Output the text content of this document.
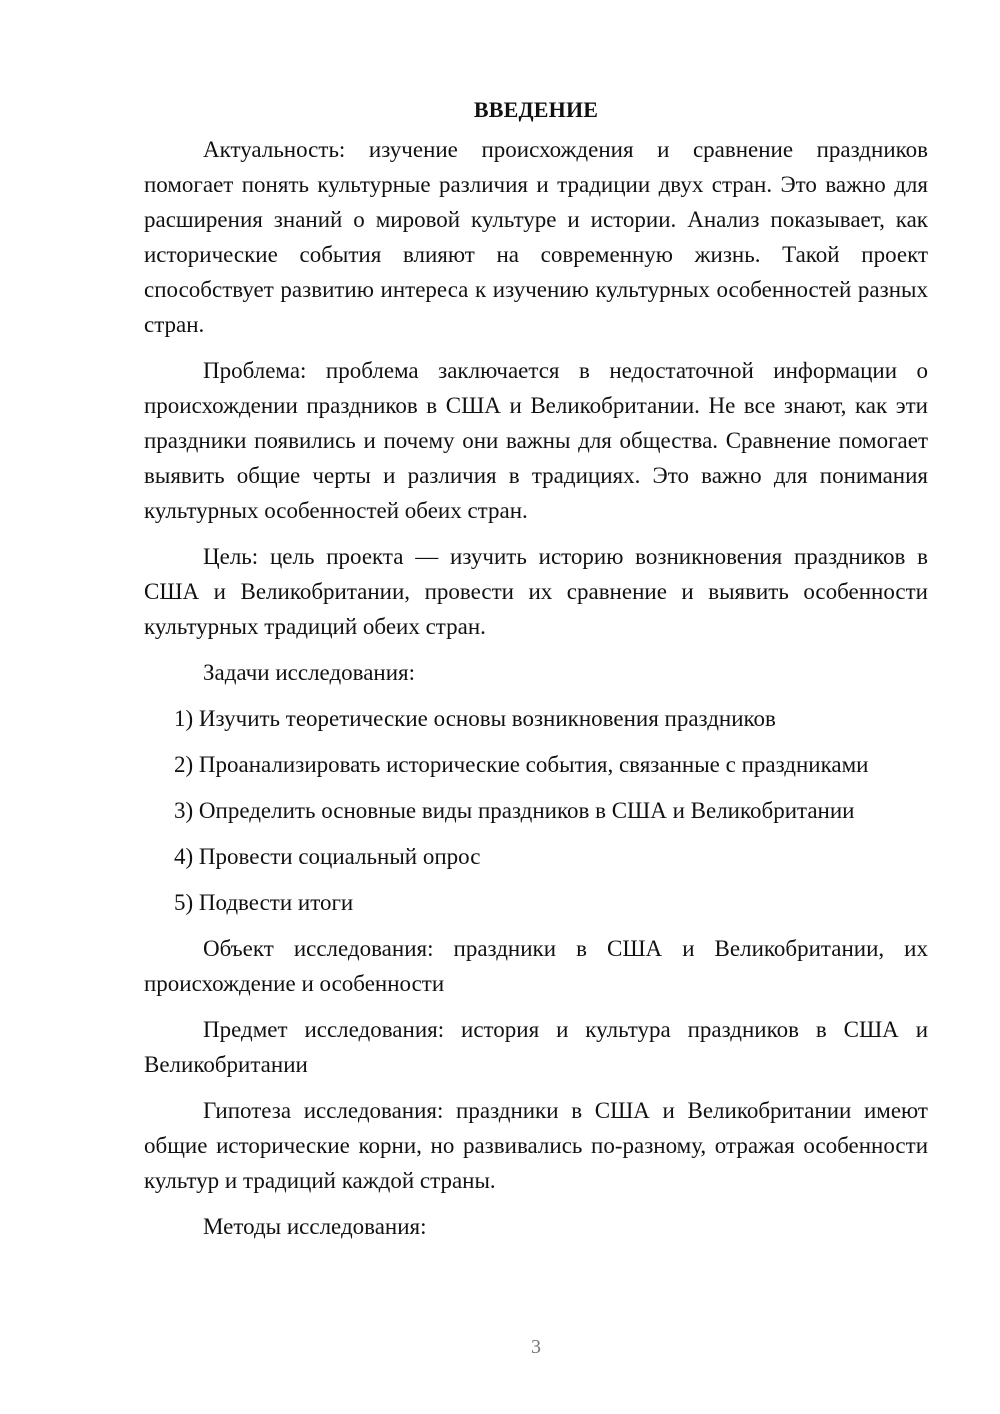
ВВЕДЕНИЕ

Актуальность: изучение происхождения и сравнение праздников помогает понять культурные различия и традиции двух стран. Это важно для расширения знаний о мировой культуре и истории. Анализ показывает, как исторические события влияют на современную жизнь. Такой проект способствует развитию интереса к изучению культурных особенностей разных стран.

Проблема: проблема заключается в недостаточной информации о происхождении праздников в США и Великобритании. Не все знают, как эти праздники появились и почему они важны для общества. Сравнение помогает выявить общие черты и различия в традициях. Это важно для понимания культурных особенностей обеих стран.

Цель: цель проекта — изучить историю возникновения праздников в США и Великобритании, провести их сравнение и выявить особенности культурных традиций обеих стран.

Задачи исследования:

1) Изучить теоретические основы возникновения праздников

2) Проанализировать исторические события, связанные с праздниками

3) Определить основные виды праздников в США и Великобритании

4) Провести социальный опрос

5) Подвести итоги

Объект исследования: праздники в США и Великобритании, их происхождение и особенности

Предмет исследования: история и культура праздников в США и Великобритании

Гипотеза исследования: праздники в США и Великобритании имеют общие исторические корни, но развивались по-разному, отражая особенности культур и традиций каждой страны.

Методы исследования:

3
